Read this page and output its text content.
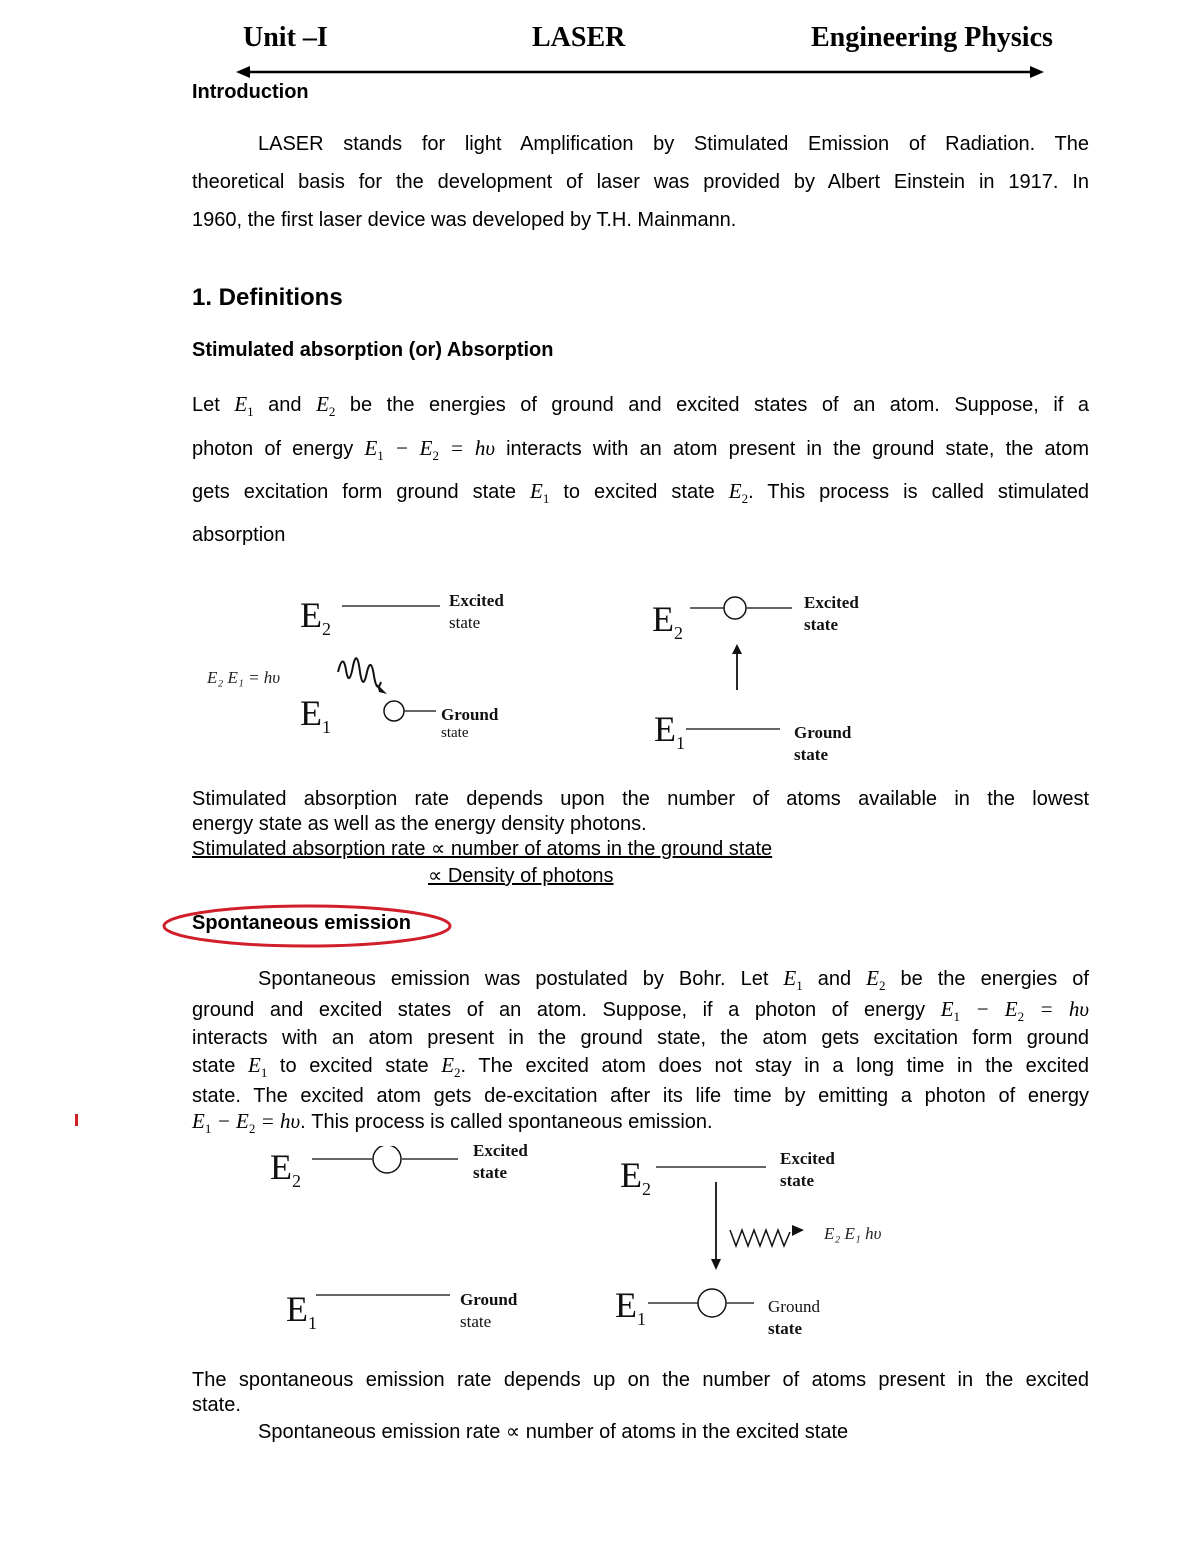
Unit –I	LASER	Engineering Physics
Introduction
LASER stands for light Amplification by Stimulated Emission of Radiation. The
theoretical basis for the development of laser was provided by Albert Einstein in 1917. In
1960, the first laser device was developed by T.H. Mainmann.
1. Definitions
Stimulated absorption (or) Absorption
Let $E_1$ and $E_2$ be the energies of ground and excited states of an atom. Suppose, if a
photon of energy $E_1 - E_2 = h\upsilon$ interacts with an atom present in the ground state, the atom
gets excitation form ground state $E_1$ to excited state $E_2$. This process is called stimulated
absorption
$E_2$
Excited
state
E₂ E₁ = hυ
$E_1$
Ground
state
$E_2$
Excited
state
$E_1$
Ground
state
Stimulated absorption rate depends upon the number of atoms available in the lowest
energy state as well as the energy density photons.
Stimulated absorption rate ∝ number of atoms in the ground state
∝ Density of photons
Spontaneous emission
Spontaneous emission was postulated by Bohr. Let $E_1$ and $E_2$ be the energies of
ground and excited states of an atom. Suppose, if a photon of energy $E_1 - E_2 = h\upsilon$
interacts with an atom present in the ground state, the atom gets excitation form ground
state $E_1$ to excited state $E_2$. The excited atom does not stay in a long time in the excited
state. The excited atom gets de-excitation after its life time by emitting a photon of energy
$E_1 - E_2 = h\upsilon$. This process is called spontaneous emission.
$E_2$
Excited
state
$E_1$
Ground
state
$E_2$
Excited
state
E₂ E₁ hυ
$E_1$
Ground
state
The spontaneous emission rate depends up on the number of atoms present in the excited
state.
Spontaneous emission rate ∝ number of atoms in the excited state
